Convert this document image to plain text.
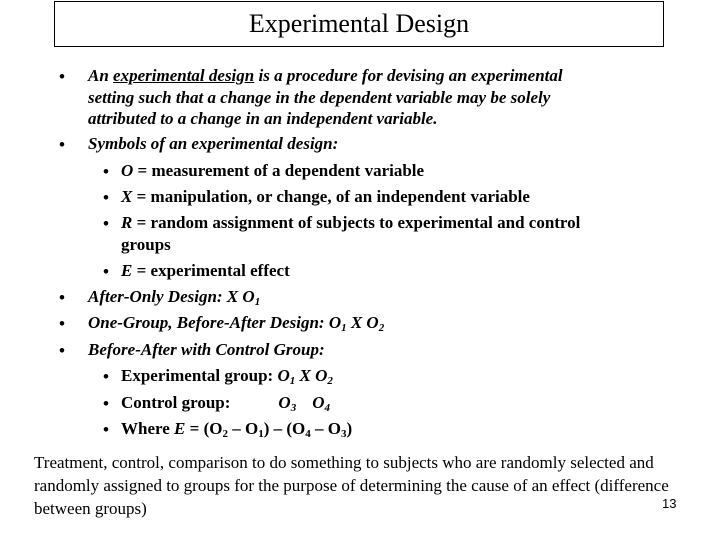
Experimental Design
• An experimental design is a procedure for devising an experimental
setting such that a change in the dependent variable may be solely
attributed to a change in an independent variable.
• Symbols of an experimental design:
• O = measurement of a dependent variable
• X = manipulation, or change, of an independent variable
• R = random assignment of subjects to experimental and control
groups
• E = experimental effect
• After-Only Design: X $O_1$
• One-Group, Before-After Design: $O_1$ X $O_2$
• Before-After with Control Group:
• Experimental group: $O_1$ X $O_2$
• Control group:	$O_3$ $O_4$
• Where $E = (O_2 - O_1) - (O_4 - O_3)$
Treatment, control, comparison to do something to subjects who are randomly selected and randomly assigned to groups for the purpose of determining the cause of an effect (difference between groups)	13
